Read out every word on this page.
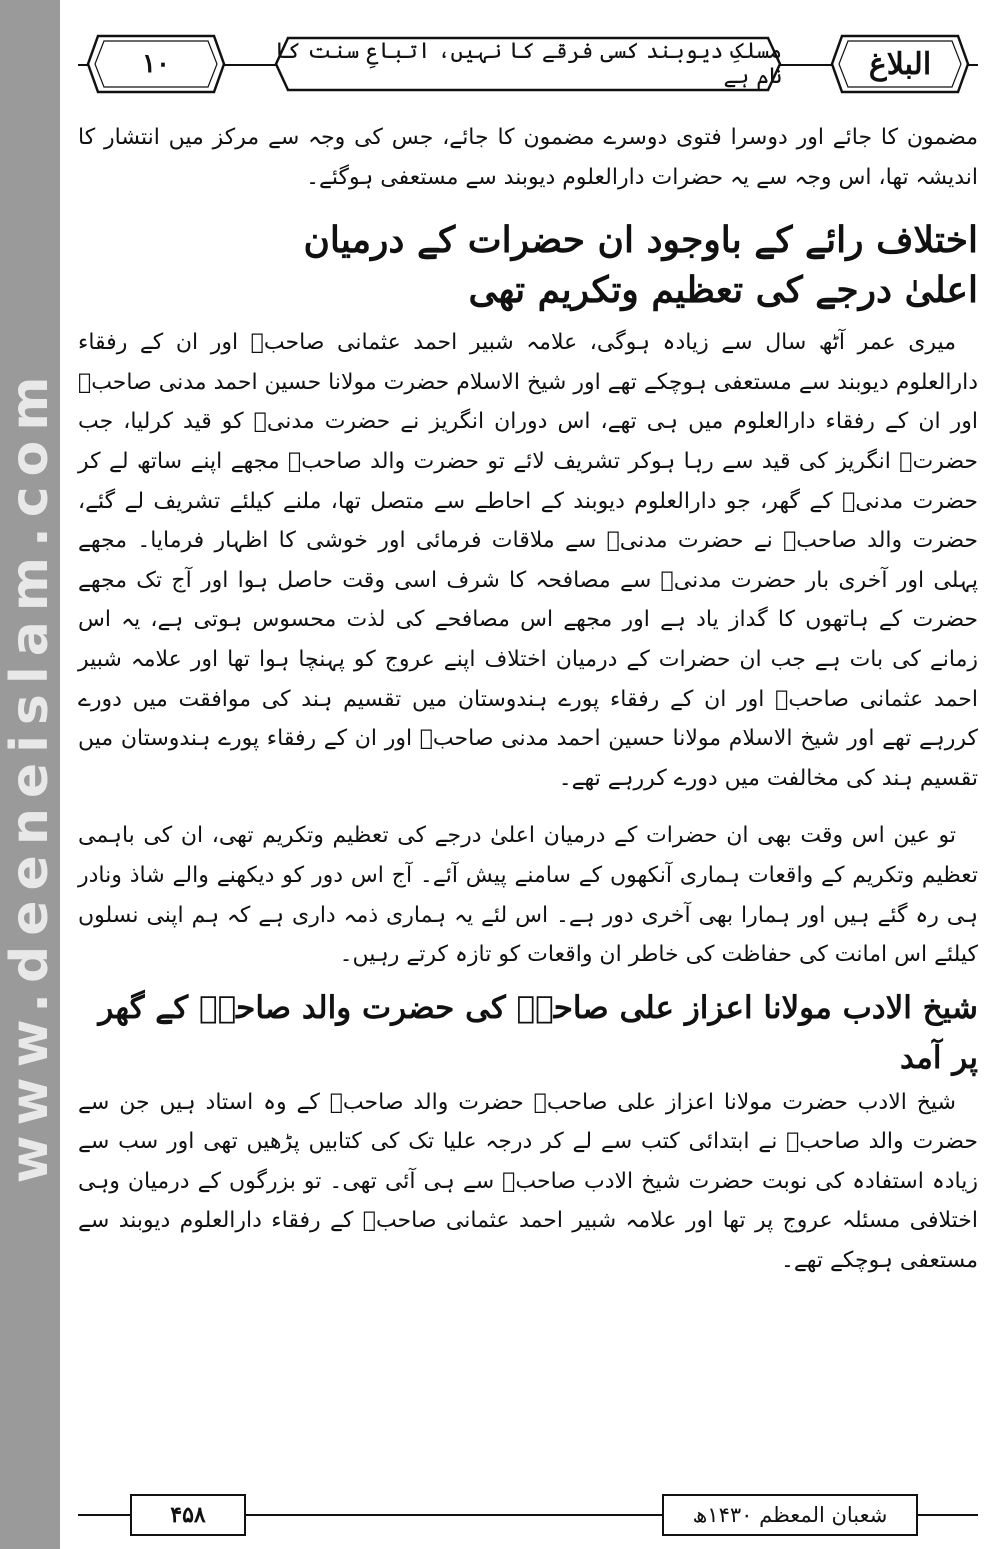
www.deeneislam.com
۱۰	مسلکِ دیوبند کسی فرقے کا نہیں، اتباعِ سنت کا نام ہے	البلاغ

مضمون کا جائے اور دوسرا فتوی دوسرے مضمون کا جائے، جس کی وجہ سے مرکز میں انتشار کا اندیشہ تھا، اس وجہ سے یہ حضرات دارالعلوم دیوبند سے مستعفی ہوگئے۔

اختلاف رائے کے باوجود ان حضرات کے درمیان
اعلیٰ درجے کی تعظیم وتکریم تھی

میری عمر آٹھ سال سے زیادہ ہوگی، علامہ شبیر احمد عثمانی صاحبؒ اور ان کے رفقاء دارالعلوم دیوبند سے مستعفی ہوچکے تھے اور شیخ الاسلام حضرت مولانا حسین احمد مدنی صاحبؒ اور ان کے رفقاء دارالعلوم میں ہی تھے، اس دوران انگریز نے حضرت مدنیؒ کو قید کرلیا، جب حضرتؒ انگریز کی قید سے رہا ہوکر تشریف لائے تو حضرت والد صاحبؒ مجھے اپنے ساتھ لے کر حضرت مدنیؒ کے گھر، جو دارالعلوم دیوبند کے احاطے سے متصل تھا، ملنے کیلئے تشریف لے گئے، حضرت والد صاحبؒ نے حضرت مدنیؒ سے ملاقات فرمائی اور خوشی کا اظہار فرمایا۔ مجھے پہلی اور آخری بار حضرت مدنیؒ سے مصافحہ کا شرف اسی وقت حاصل ہوا اور آج تک مجھے حضرت کے ہاتھوں کا گداز یاد ہے اور مجھے اس مصافحے کی لذت محسوس ہوتی ہے، یہ اس زمانے کی بات ہے جب ان حضرات کے درمیان اختلاف اپنے عروج کو پہنچا ہوا تھا اور علامہ شبیر احمد عثمانی صاحبؒ اور ان کے رفقاء پورے ہندوستان میں تقسیم ہند کی موافقت میں دورے کررہے تھے اور شیخ الاسلام مولانا حسین احمد مدنی صاحبؒ اور ان کے رفقاء پورے ہندوستان میں تقسیم ہند کی مخالفت میں دورے کررہے تھے۔

تو عین اس وقت بھی ان حضرات کے درمیان اعلیٰ درجے کی تعظیم وتکریم تھی، ان کی باہمی تعظیم وتکریم کے واقعات ہماری آنکھوں کے سامنے پیش آئے۔ آج اس دور کو دیکھنے والے شاذ ونادر ہی رہ گئے ہیں اور ہمارا بھی آخری دور ہے۔ اس لئے یہ ہماری ذمہ داری ہے کہ ہم اپنی نسلوں کیلئے اس امانت کی حفاظت کی خاطر ان واقعات کو تازہ کرتے رہیں۔

شیخ الادب مولانا اعزاز علی صاحبؒ کی حضرت والد صاحبؒ کے گھر پر آمد

شیخ الادب حضرت مولانا اعزاز علی صاحبؒ حضرت والد صاحبؒ کے وہ استاد ہیں جن سے حضرت والد صاحبؒ نے ابتدائی کتب سے لے کر درجہ علیا تک کی کتابیں پڑھیں تھی اور سب سے زیادہ استفادہ کی نوبت حضرت شیخ الادب صاحبؒ سے ہی آئی تھی۔ تو بزرگوں کے درمیان وہی اختلافی مسئلہ عروج پر تھا اور علامہ شبیر احمد عثمانی صاحبؒ کے رفقاء دارالعلوم دیوبند سے مستعفی ہوچکے تھے۔

۴۵۸	شعبان المعظم ۱۴۳۰ھ
